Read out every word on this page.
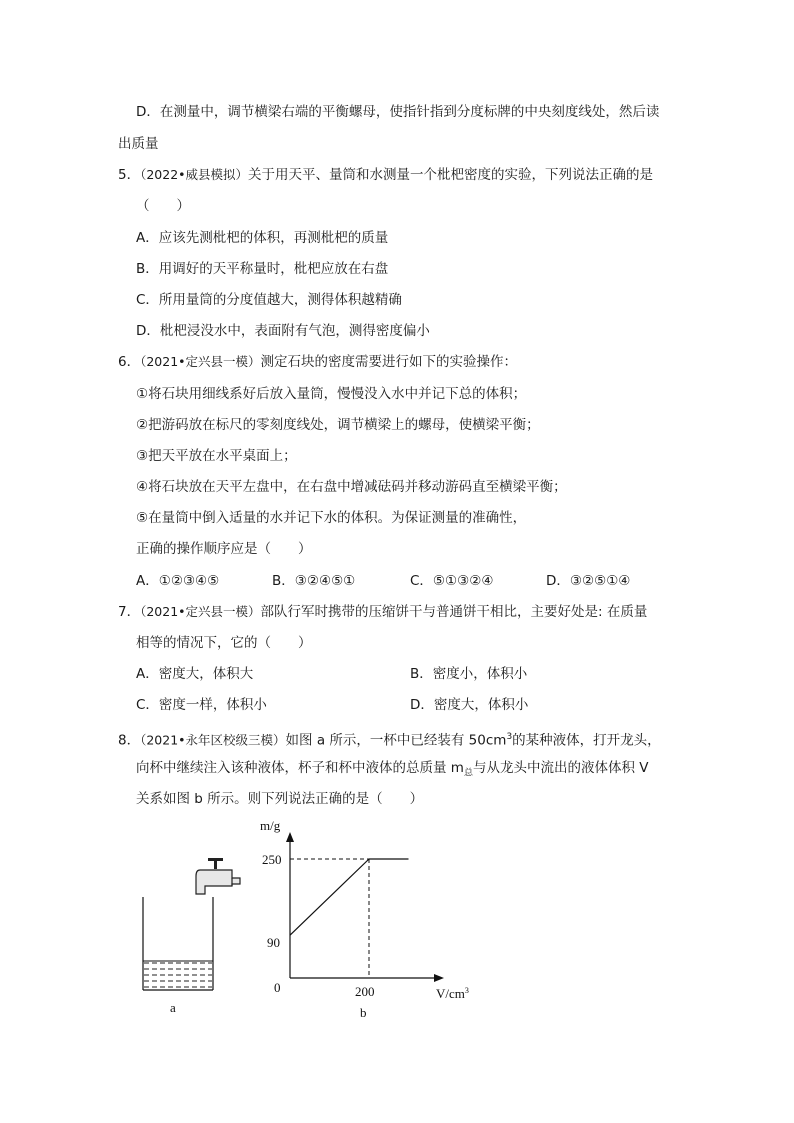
D．在测量中，调节横梁右端的平衡螺母，使指针指到分度标牌的中央刻度线处，然后读
出质量
5．（2022•威县模拟）关于用天平、量筒和水测量一个枇杷密度的实验，下列说法正确的是
（　　）
A．应该先测枇杷的体积，再测枇杷的质量
B．用调好的天平称量时，枇杷应放在右盘
C．所用量筒的分度值越大，测得体积越精确
D．枇杷浸没水中，表面附有气泡，测得密度偏小
6．（2021•定兴县一模）测定石块的密度需要进行如下的实验操作：
①将石块用细线系好后放入量筒，慢慢没入水中并记下总的体积；
②把游码放在标尺的零刻度线处，调节横梁上的螺母，使横梁平衡；
③把天平放在水平桌面上；
④将石块放在天平左盘中，在右盘中增减砝码并移动游码直至横梁平衡；
⑤在量筒中倒入适量的水并记下水的体积。为保证测量的准确性，
正确的操作顺序应是（　　）
A．①②③④⑤	B．③②④⑤①	C．⑤①③②④	D．③②⑤①④
7．（2021•定兴县一模）部队行军时携带的压缩饼干与普通饼干相比，主要好处是: 在质量
相等的情况下，它的（　　）
A．密度大，体积大	B．密度小，体积小
C．密度一样，体积小	D．密度大，体积小
8．（2021•永年区校级三模）如图 a 所示，一杯中已经装有 $50cm^3$的某种液体，打开龙头，
向杯中继续注入该种液体，杯子和杯中液体的总质量 $m_总$与从龙头中流出的液体体积 V
关系如图 b 所示。则下列说法正确的是（　　）
a
m/g
250
90
0	200	$V/cm^3$
b
